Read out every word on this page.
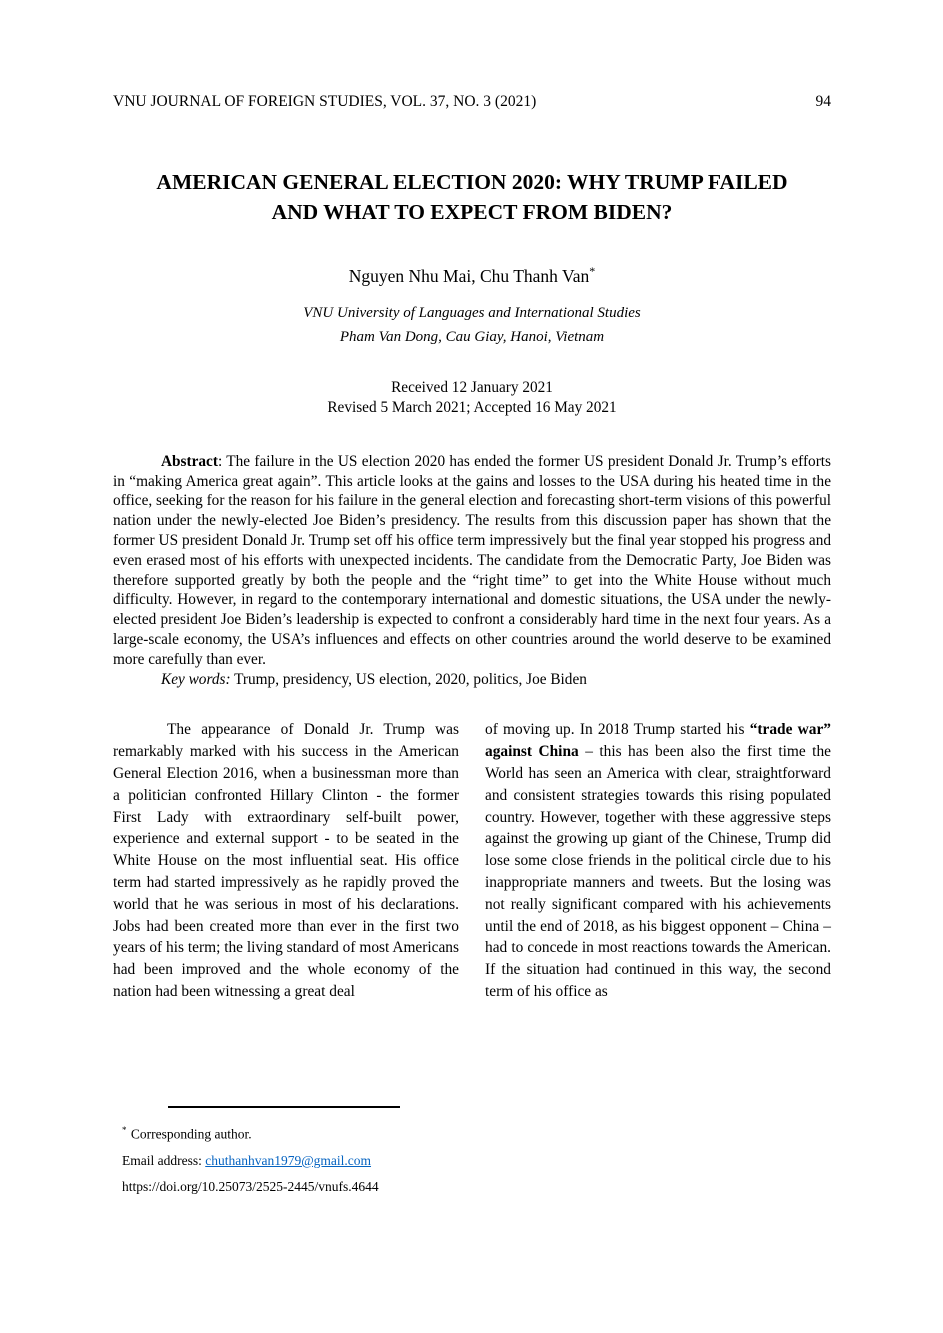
VNU JOURNAL OF FOREIGN STUDIES, VOL. 37, NO. 3 (2021)	94
AMERICAN GENERAL ELECTION 2020: WHY TRUMP FAILED
AND WHAT TO EXPECT FROM BIDEN?
Nguyen Nhu Mai, Chu Thanh Van*
VNU University of Languages and International Studies
Pham Van Dong, Cau Giay, Hanoi, Vietnam
Received 12 January 2021
Revised 5 March 2021; Accepted 16 May 2021

Abstract: The failure in the US election 2020 has ended the former US president Donald Jr. Trump’s efforts in “making America great again”. This article looks at the gains and losses to the USA during his heated time in the office, seeking for the reason for his failure in the general election and forecasting short-term visions of this powerful nation under the newly-elected Joe Biden’s presidency. The results from this discussion paper has shown that the former US president Donald Jr. Trump set off his office term impressively but the final year stopped his progress and even erased most of his efforts with unexpected incidents. The candidate from the Democratic Party, Joe Biden was therefore supported greatly by both the people and the “right time” to get into the White House without much difficulty. However, in regard to the contemporary international and domestic situations, the USA under the newly-elected president Joe Biden’s leadership is expected to confront a considerably hard time in the next four years. As a large-scale economy, the USA’s influences and effects on other countries around the world deserve to be examined more carefully than ever.

Key words: Trump, presidency, US election, 2020, politics, Joe Biden

The appearance of Donald Jr. Trump was remarkably marked with his success in the American General Election 2016, when a businessman more than a politician confronted Hillary Clinton - the former First Lady with extraordinary self-built power, experience and external support - to be seated in the White House on the most influential seat. His office term had started impressively as he rapidly proved the world that he was serious in most of his declarations. Jobs had been created more than ever in the first two years of his term; the living standard of most Americans had been improved and the whole economy of the nation had been witnessing a great deal

of moving up. In 2018 Trump started his “trade war” against China – this has been also the first time the World has seen an America with clear, straightforward and consistent strategies towards this rising populated country. However, together with these aggressive steps against the growing up giant of the Chinese, Trump did lose some close friends in the political circle due to his inappropriate manners and tweets. But the losing was not really significant compared with his achievements until the end of 2018, as his biggest opponent – China – had to concede in most reactions towards the American. If the situation had continued in this way, the second term of his office as

* Corresponding author.
Email address: chuthanhvan1979@gmail.com
https://doi.org/10.25073/2525-2445/vnufs.4644
